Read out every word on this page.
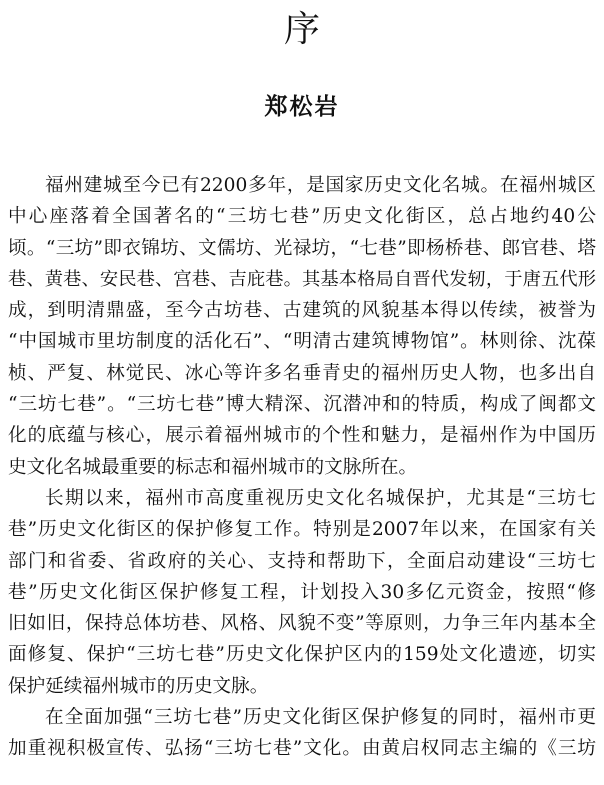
序
郑松岩
福州建城至今已有2200多年，是国家历史文化名城。在福州城区
中心座落着全国著名的“三坊七巷”历史文化街区，总占地约40公
顷。“三坊”即衣锦坊、文儒坊、光禄坊，“七巷”即杨桥巷、郎官巷、塔
巷、黄巷、安民巷、宫巷、吉庇巷。其基本格局自晋代发轫，于唐五代形
成，到明清鼎盛，至今古坊巷、古建筑的风貌基本得以传续，被誉为
“中国城市里坊制度的活化石”、“明清古建筑博物馆”。林则徐、沈葆
桢、严复、林觉民、冰心等许多名垂青史的福州历史人物，也多出自
“三坊七巷”。“三坊七巷”博大精深、沉潜冲和的特质，构成了闽都文
化的底蕴与核心，展示着福州城市的个性和魅力，是福州作为中国历
史文化名城最重要的标志和福州城市的文脉所在。
长期以来，福州市高度重视历史文化名城保护，尤其是“三坊七
巷”历史文化街区的保护修复工作。特别是2007年以来，在国家有关
部门和省委、省政府的关心、支持和帮助下，全面启动建设“三坊七
巷”历史文化街区保护修复工程，计划投入30多亿元资金，按照“修
旧如旧，保持总体坊巷、风格、风貌不变”等原则，力争三年内基本全
面修复、保护“三坊七巷”历史文化保护区内的159处文化遗迹，切实
保护延续福州城市的历史文脉。
在全面加强“三坊七巷”历史文化街区保护修复的同时，福州市更
加重视积极宣传、弘扬“三坊七巷”文化。由黄启权同志主编的《三坊
